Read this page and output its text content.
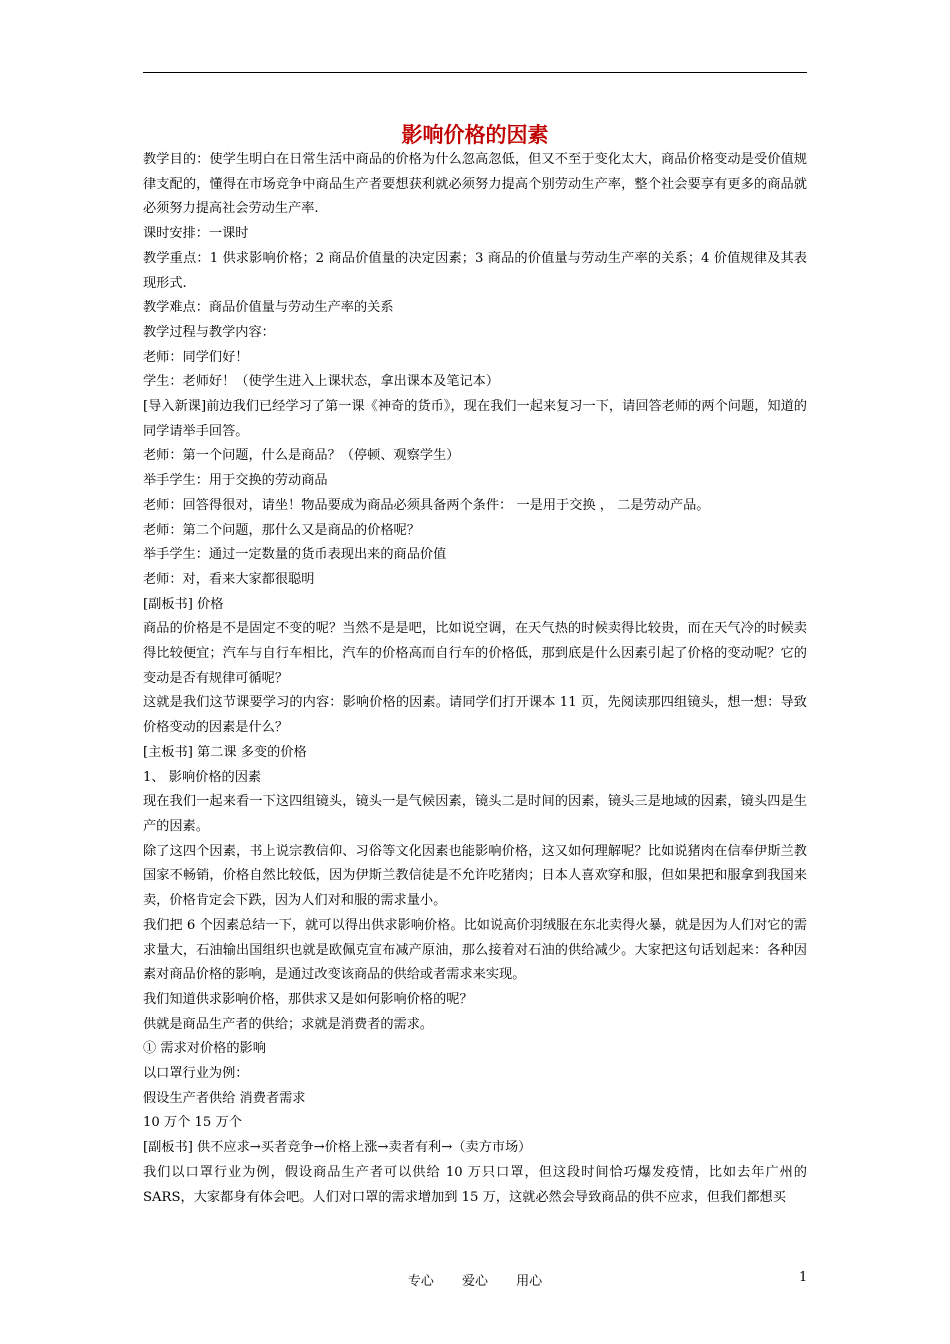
影响价格的因素

教学目的：使学生明白在日常生活中商品的价格为什么忽高忽低，但又不至于变化太大，商品价格变动是受价值规律支配的，懂得在市场竞争中商品生产者要想获利就必须努力提高个别劳动生产率，整个社会要享有更多的商品就必须努力提高社会劳动生产率.

课时安排：一课时

教学重点：1 供求影响价格；2 商品价值量的决定因素；3 商品的价值量与劳动生产率的关系；4 价值规律及其表现形式.

教学难点：商品价值量与劳动生产率的关系

教学过程与教学内容：

老师：同学们好！

学生：老师好！（使学生进入上课状态，拿出课本及笔记本）

[导入新课]前边我们已经学习了第一课《神奇的货币》，现在我们一起来复习一下，请回答老师的两个问题，知道的同学请举手回答。

老师：第一个问题，什么是商品？（停顿、观察学生）

举手学生：用于交换的劳动商品

老师：回答得很对，请坐！物品要成为商品必须具备两个条件： 一是用于交换 ， 二是劳动产品。

老师：第二个问题，那什么又是商品的价格呢？

举手学生：通过一定数量的货币表现出来的商品价值

老师：对，看来大家都很聪明

[副板书] 价格

商品的价格是不是固定不变的呢？当然不是是吧，比如说空调，在天气热的时候卖得比较贵，而在天气冷的时候卖得比较便宜；汽车与自行车相比，汽车的价格高而自行车的价格低，那到底是什么因素引起了价格的变动呢？它的变动是否有规律可循呢？

这就是我们这节课要学习的内容：影响价格的因素。请同学们打开课本 11 页，先阅读那四组镜头，想一想：导致价格变动的因素是什么？

[主板书] 第二课 多变的价格

1、 影响价格的因素

现在我们一起来看一下这四组镜头，镜头一是气候因素，镜头二是时间的因素，镜头三是地域的因素，镜头四是生产的因素。

除了这四个因素，书上说宗教信仰、习俗等文化因素也能影响价格，这又如何理解呢？比如说猪肉在信奉伊斯兰教国家不畅销，价格自然比较低，因为伊斯兰教信徒是不允许吃猪肉；日本人喜欢穿和服，但如果把和服拿到我国来卖，价格肯定会下跌，因为人们对和服的需求量小。

我们把 6 个因素总结一下，就可以得出供求影响价格。比如说高价羽绒服在东北卖得火暴，就是因为人们对它的需求量大，石油输出国组织也就是欧佩克宣布减产原油，那么接着对石油的供给减少。大家把这句话划起来：各种因素对商品价格的影响，是通过改变该商品的供给或者需求来实现。

我们知道供求影响价格，那供求又是如何影响价格的呢？

供就是商品生产者的供给；求就是消费者的需求。

① 需求对价格的影响

以口罩行业为例：

假设生产者供给 消费者需求

10 万个 15 万个

[副板书] 供不应求→买者竞争→价格上涨→卖者有利→（卖方市场）

我们以口罩行业为例，假设商品生产者可以供给 10 万只口罩，但这段时间恰巧爆发疫情，比如去年广州的SARS，大家都身有体会吧。人们对口罩的需求增加到 15 万，这就必然会导致商品的供不应求，但我们都想买

专心 爱心 用心	1
